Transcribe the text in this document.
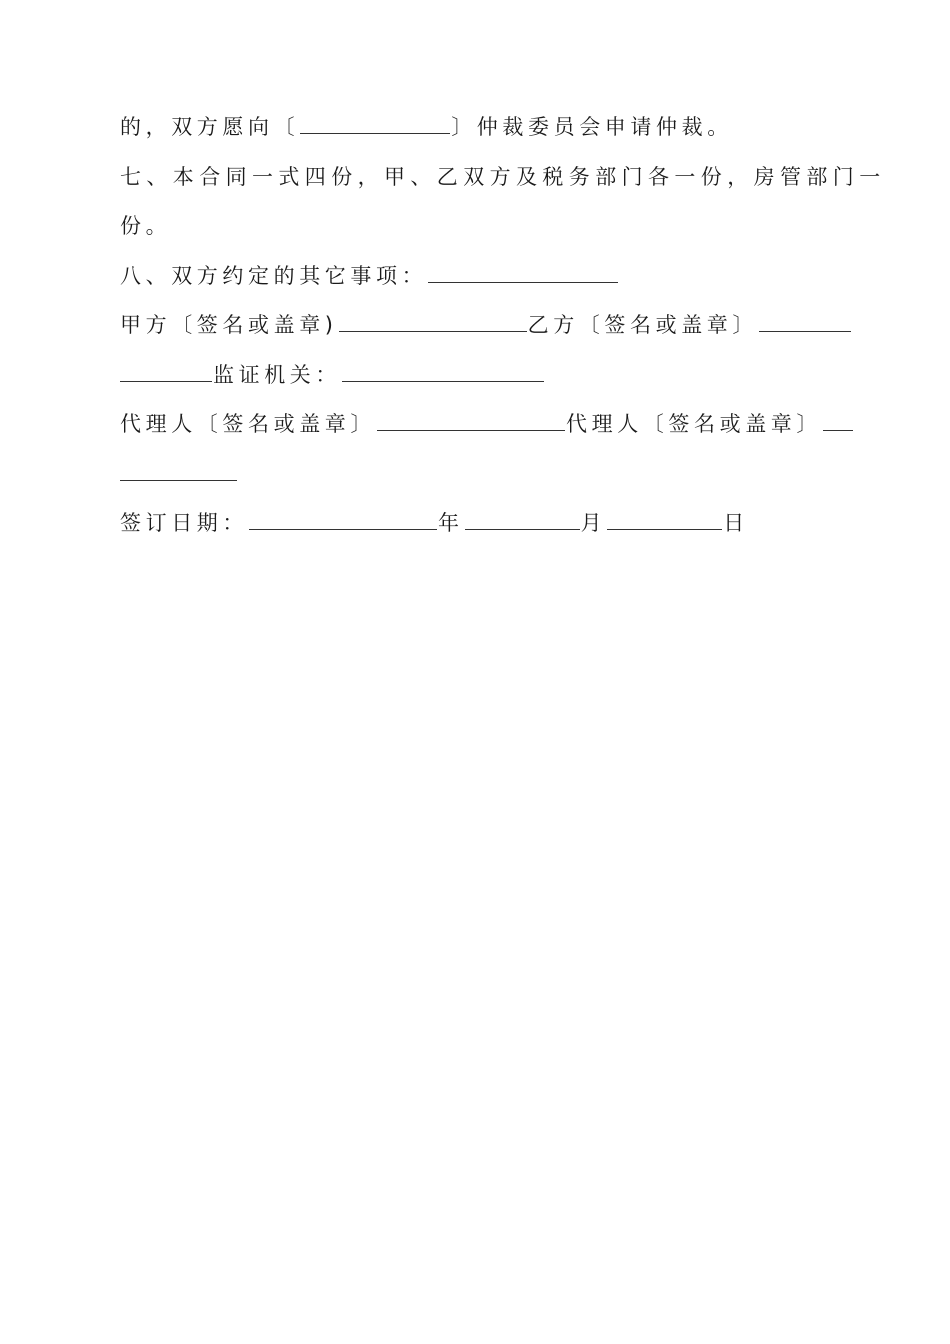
的，双方愿向〔	〕仲裁委员会申请仲裁。
七、本合同一式四份，甲、乙双方及税务部门各一份，房管部门一
份。
八、双方约定的其它事项：
甲方〔签名或盖章)	乙方〔签名或盖章〕
监证机关：
代理人〔签名或盖章〕	代理人〔签名或盖章〕
签订日期：	年	月	日
